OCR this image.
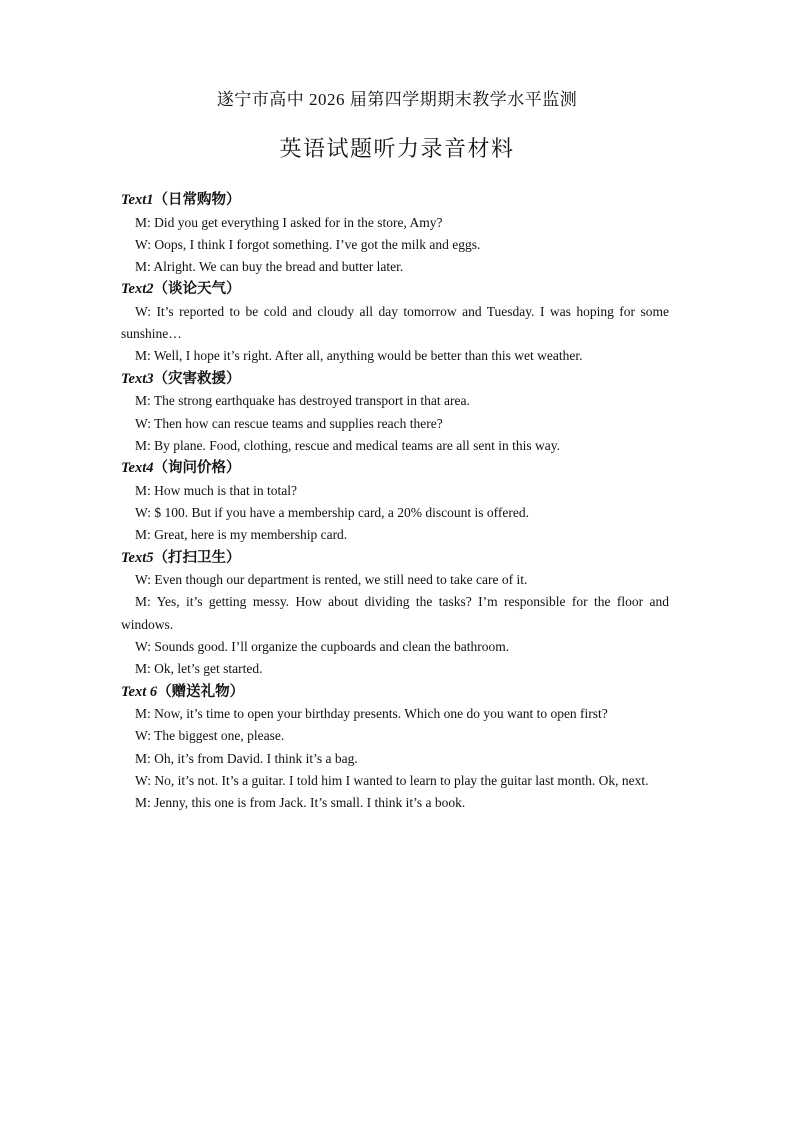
遂宁市高中 2026 届第四学期期末教学水平监测
英语试题听力录音材料
Text1（日常购物）

M: Did you get everything I asked for in the store, Amy?

W: Oops, I think I forgot something. I’ve got the milk and eggs.

M: Alright. We can buy the bread and butter later.

Text2（谈论天气）

W: It’s reported to be cold and cloudy all day tomorrow and Tuesday. I was hoping for some sunshine…

M: Well, I hope it’s right. After all, anything would be better than this wet weather.

Text3（灾害救援）

M: The strong earthquake has destroyed transport in that area.

W: Then how can rescue teams and supplies reach there?

M: By plane. Food, clothing, rescue and medical teams are all sent in this way.

Text4（询问价格）

M: How much is that in total?

W: $ 100. But if you have a membership card, a 20% discount is offered.

M: Great, here is my membership card.

Text5（打扫卫生）

W: Even though our department is rented, we still need to take care of it.

M: Yes, it’s getting messy. How about dividing the tasks? I’m responsible for the floor and windows.

W: Sounds good. I’ll organize the cupboards and clean the bathroom.

M: Ok, let’s get started.

Text 6（赠送礼物）

M: Now, it’s time to open your birthday presents. Which one do you want to open first?

W: The biggest one, please.

M: Oh, it’s from David. I think it’s a bag.

W: No, it’s not. It’s a guitar. I told him I wanted to learn to play the guitar last month. Ok, next.

M: Jenny, this one is from Jack. It’s small. I think it’s a book.
